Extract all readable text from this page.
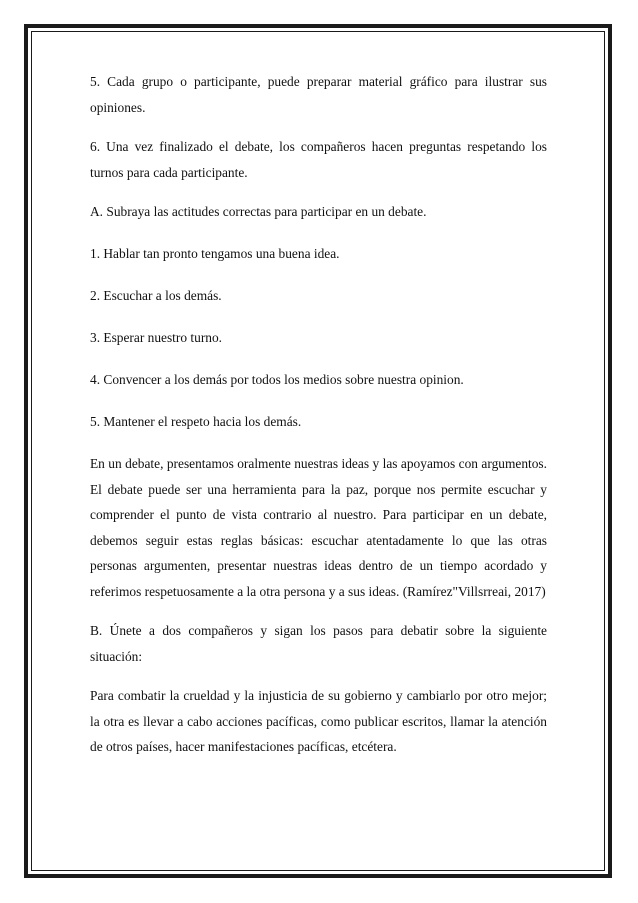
5. Cada grupo o participante, puede preparar material gráfico para ilustrar sus opiniones.

6. Una vez finalizado el debate, los compañeros hacen preguntas respetando los turnos para cada participante.

A. Subraya las actitudes correctas para participar en un debate.

1. Hablar tan pronto tengamos una buena idea.

2. Escuchar a los demás.

3. Esperar nuestro turno.

4. Convencer a los demás por todos los medios sobre nuestra opinion.

5. Mantener el respeto hacia los demás.

En un debate, presentamos oralmente nuestras ideas y las apoyamos con argumentos. El debate puede ser una herramienta para la paz, porque nos permite escuchar y comprender el punto de vista contrario al nuestro. Para participar en un debate, debemos seguir estas reglas básicas: escuchar atentadamente lo que las otras personas argumenten, presentar nuestras ideas dentro de un tiempo acordado y referimos respetuosamente a la otra persona y a sus ideas. (Ramírez"Villsrreai, 2017)

B. Únete a dos compañeros y sigan los pasos para debatir sobre la siguiente situación:

Para combatir la crueldad y la injusticia de su gobierno y cambiarlo por otro mejor; la otra es llevar a cabo acciones pacíficas, como publicar escritos, llamar la atención de otros países, hacer manifestaciones pacíficas, etcétera.
